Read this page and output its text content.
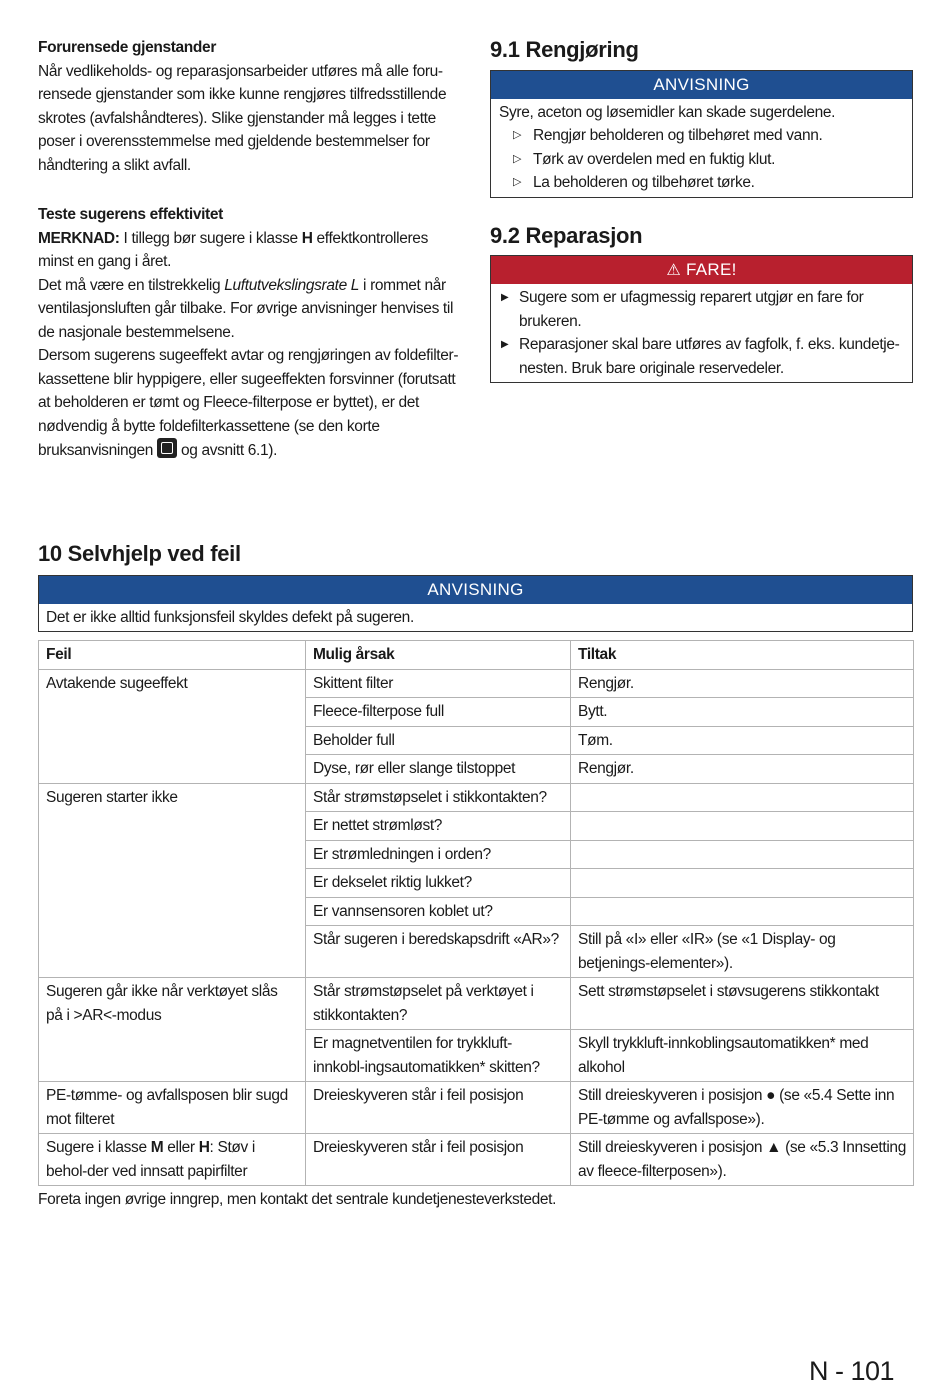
Forurensede gjenstander

Når vedlikeholds- og reparasjonsarbeider utføres må alle foru-rensede gjenstander som ikke kunne rengjøres tilfredsstillende skrotes (avfalshåndteres). Slike gjenstander må legges i tette poser i overensstemmelse med gjeldende bestemmelser for håndtering a slikt avfall.

Teste sugerens effektivitet

MERKNAD: I tillegg bør sugere i klasse H effektkontrolleres minst en gang i året.

Det må være en tilstrekkelig Luftutvekslingsrate L i rommet når ventilasjonsluften går tilbake. For øvrige anvisninger henvises til de nasjonale bestemmelsene.

Dersom sugerens sugeeffekt avtar og rengjøringen av foldefilter-kassettene blir hyppigere, eller sugeeffekten forsvinner (forutsatt at beholderen er tømt og Fleece-filterpose er byttet), er det nødvendig å bytte foldefilterkassettene (se den korte bruksanvisningen  og avsnitt 6.1).

9.1 Rengjøring
ANVISNING

Syre, aceton og løsemidler kan skade sugerdelene.

▷ Rengjør beholderen og tilbehøret med vann.
▷ Tørk av overdelen med en fuktig klut.
▷ La beholderen og tilbehøret tørke.
9.2 Reparasjon
⚠ FARE!
▶ Sugere som er ufagmessig reparert utgjør en fare for brukeren.
▶ Reparasjoner skal bare utføres av fagfolk, f. eks. kundetje-nesten. Bruk bare originale reservedeler.
10 Selvhjelp ved feil
ANVISNING
Det er ikke alltid funksjonsfeil skyldes defekt på sugeren.
Feil	Mulig årsak	Tiltak
Avtakende sugeeffekt	Skittent filter	Rengjør.
	Fleece-filterpose full	Bytt.
	Beholder full	Tøm.
	Dyse, rør eller slange tilstoppet	Rengjør.
Sugeren starter ikke	Står strømstøpselet i stikkontakten?	
	Er nettet strømløst?	
	Er strømledningen i orden?	
	Er dekselet riktig lukket?	
	Er vannsensoren koblet ut?	
	Står sugeren i beredskapsdrift «AR»?	Still på «I» eller «IR» (se «1 Display- og betjenings-elementer»).
Sugeren går ikke når verktøyet slås på i >AR<-modus	Står strømstøpselet på verktøyet i stikkontakten?	Sett strømstøpselet i støvsugerens stikkontakt
	Er magnetventilen for trykkluft-innkobl-ingsautomatikken* skitten?	Skyll trykkluft-innkoblingsautomatikken* med alkohol
PE-tømme- og avfallsposen blir sugd mot filteret	Dreieskyveren står i feil posisjon	Still dreieskyveren i posisjon ● (se «5.4 Sette inn PE-tømme og avfallspose»).
Sugere i klasse M eller H: Støv i behol-der ved innsatt papirfilter	Dreieskyveren står i feil posisjon	Still dreieskyveren i posisjon ▲ (se «5.3 Innsetting av fleece-filterposen»).

Foreta ingen øvrige inngrep, men kontakt det sentrale kundetjenesteverkstedet.

N - 101
